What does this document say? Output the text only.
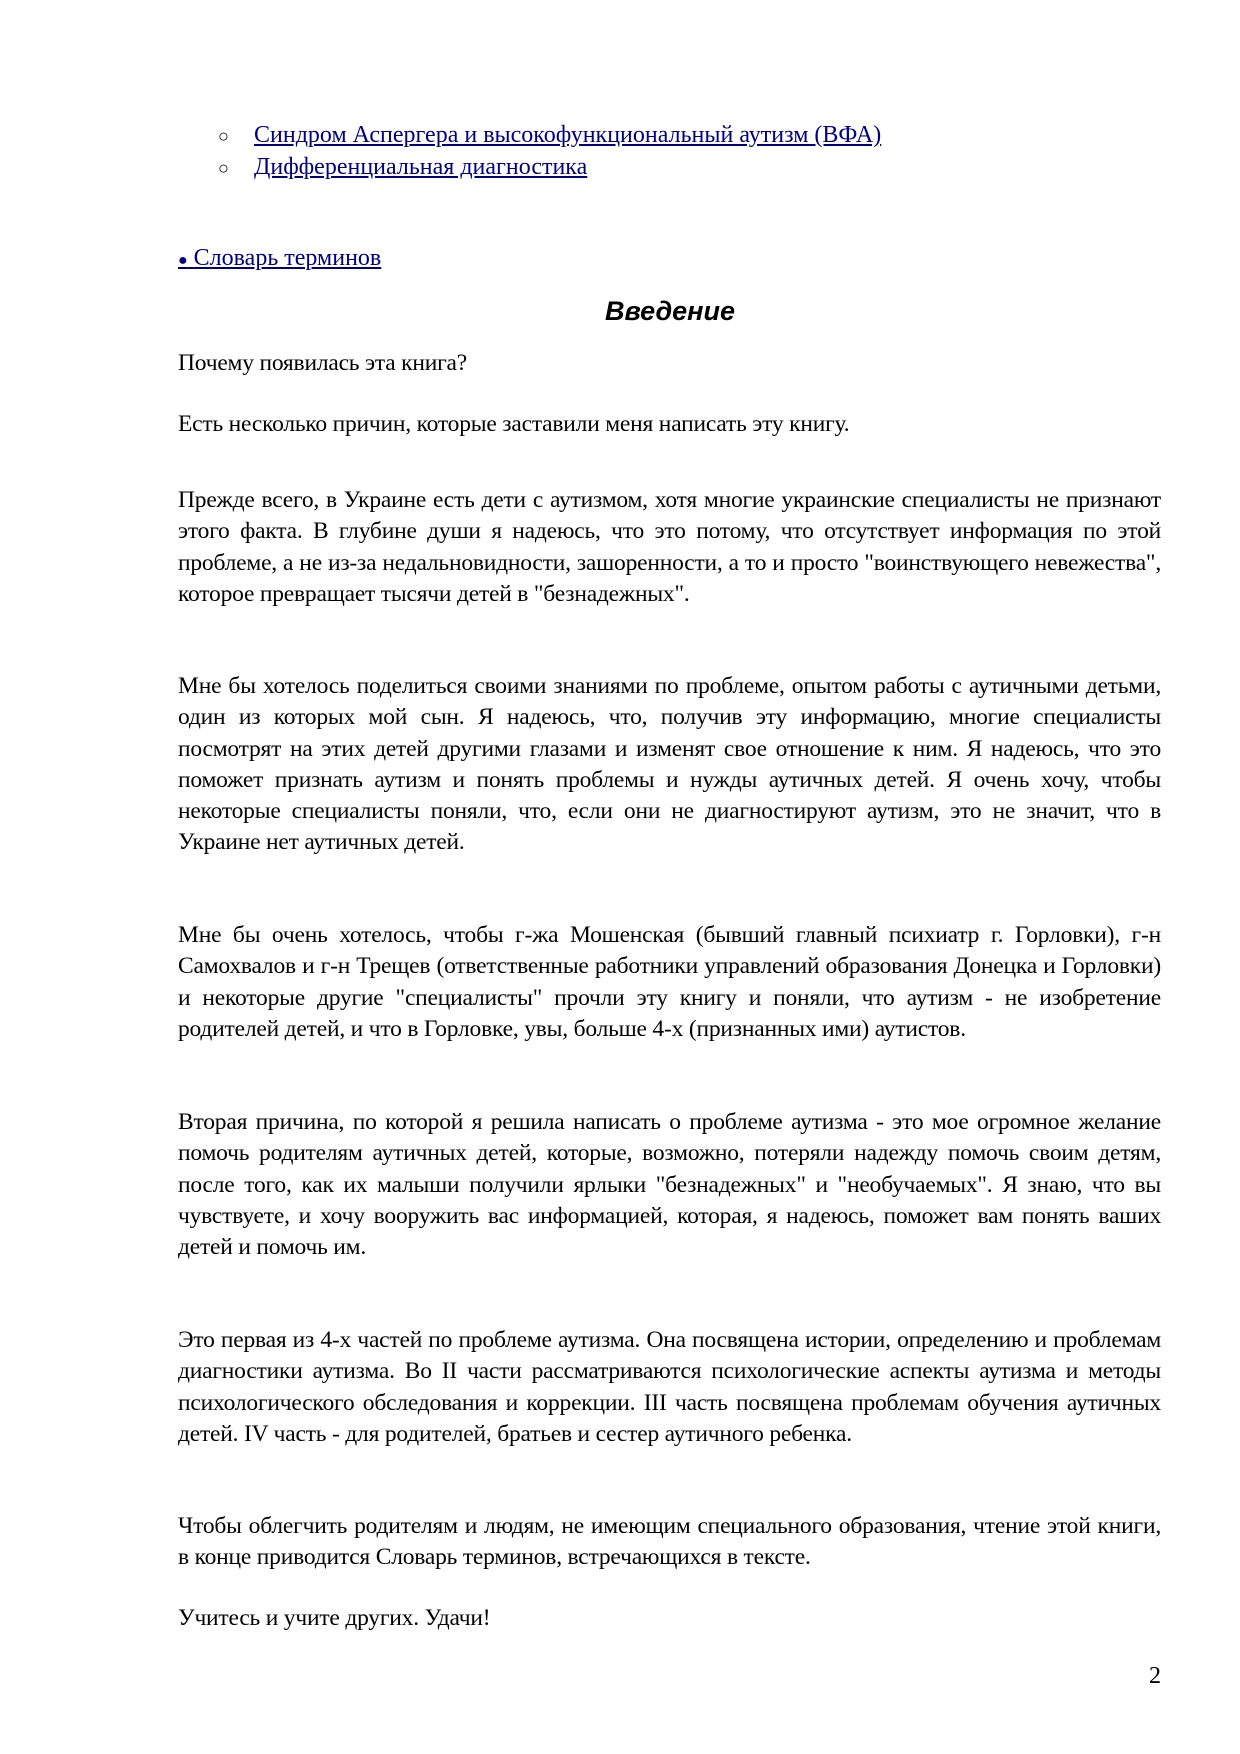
○ Синдром Аспергера и высокофункциональный аутизм (ВФА)
○ Дифференциальная диагностика
● Словарь терминов
Введение

Почему появилась эта книга?

Есть несколько причин, которые заставили меня написать эту книгу.

Прежде всего, в Украине есть дети с аутизмом, хотя многие украинские специалисты не признают этого факта. В глубине души я надеюсь, что это потому, что отсутствует информация по этой проблеме, а не из-за недальновидности, зашоренности, а то и просто "воинствующего невежества", которое превращает тысячи детей в "безнадежных".

Мне бы хотелось поделиться своими знаниями по проблеме, опытом работы с аутичными детьми, один из которых мой сын. Я надеюсь, что, получив эту информацию, многие специалисты посмотрят на этих детей другими глазами и изменят свое отношение к ним. Я надеюсь, что это поможет признать аутизм и понять проблемы и нужды аутичных детей. Я очень хочу, чтобы некоторые специалисты поняли, что, если они не диагностируют аутизм, это не значит, что в Украине нет аутичных детей.

Мне бы очень хотелось, чтобы г-жа Мошенская (бывший главный психиатр г. Горловки), г-н Самохвалов и г-н Трещев (ответственные работники управлений образования Донецка и Горловки) и некоторые другие "специалисты" прочли эту книгу и поняли, что аутизм - не изобретение родителей детей, и что в Горловке, увы, больше 4-х (признанных ими) аутистов.

Вторая причина, по которой я решила написать о проблеме аутизма - это мое огромное желание помочь родителям аутичных детей, которые, возможно, потеряли надежду помочь своим детям, после того, как их малыши получили ярлыки "безнадежных" и "необучаемых". Я знаю, что вы чувствуете, и хочу вооружить вас информацией, которая, я надеюсь, поможет вам понять ваших детей и помочь им.

Это первая из 4-х частей по проблеме аутизма. Она посвящена истории, определению и проблемам диагностики аутизма. Во II части рассматриваются психологические аспекты аутизма и методы психологического обследования и коррекции. III часть посвящена проблемам обучения аутичных детей. IV часть - для родителей, братьев и сестер аутичного ребенка.

Чтобы облегчить родителям и людям, не имеющим специального образования, чтение этой книги, в конце приводится Словарь терминов, встречающихся в тексте.

Учитесь и учите других. Удачи!

2
